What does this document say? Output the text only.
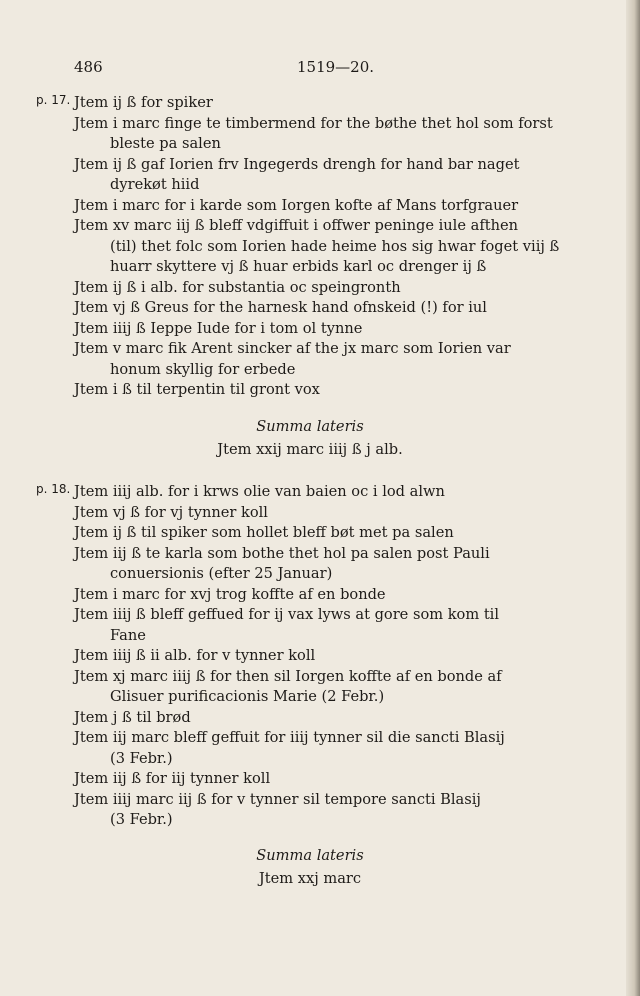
486	1519—20.
p. 17. Jtem ij ß for spiker
Jtem i marc finge te timbermend for the bøthe thet hol som forst
bleste pa salen
Jtem ij ß gaf Iorien frv Ingegerds drengh for hand bar naget
dyrekøt hiid
Jtem i marc for i karde som Iorgen kofte af Mans torfgrauer
Jtem xv marc iij ß bleff vdgiffuit i offwer peninge iule afthen
(til) thet folc som Iorien hade heime hos sig hwar foget viij ß
huarr skyttere vj ß huar erbids karl oc drenger ij ß
Jtem ij ß i alb. for substantia oc speingronth
Jtem vj ß Greus for the harnesk hand ofnskeid (!) for iul
Jtem iiij ß Ieppe Iude for i tom ol tynne
Jtem v marc fik Arent sincker af the jx marc som Iorien var
honum skyllig for erbede
Jtem i ß til terpentin til gront vox
Summa lateris
Jtem xxij marc iiij ß j alb.
p. 18. Jtem iiij alb. for i krws olie van baien oc i lod alwn
Jtem vj ß for vj tynner koll
Jtem ij ß til spiker som hollet bleff bøt met pa salen
Jtem iij ß te karla som bothe thet hol pa salen post Pauli
conuersionis (efter 25 Januar)
Jtem i marc for xvj trog koffte af en bonde
Jtem iiij ß bleff geffued for ij vax lyws at gore som kom til
Fane
Jtem iiij ß ii alb. for v tynner koll
Jtem xj marc iiij ß for then sil Iorgen koffte af en bonde af
Glisuer purificacionis Marie (2 Febr.)
Jtem j ß til brød
Jtem iij marc bleff geffuit for iiij tynner sil die sancti Blasij
(3 Febr.)
Jtem iij ß for iij tynner koll
Jtem iiij marc iij ß for v tynner sil tempore sancti Blasij
(3 Febr.)
Summa lateris
Jtem xxj marc
